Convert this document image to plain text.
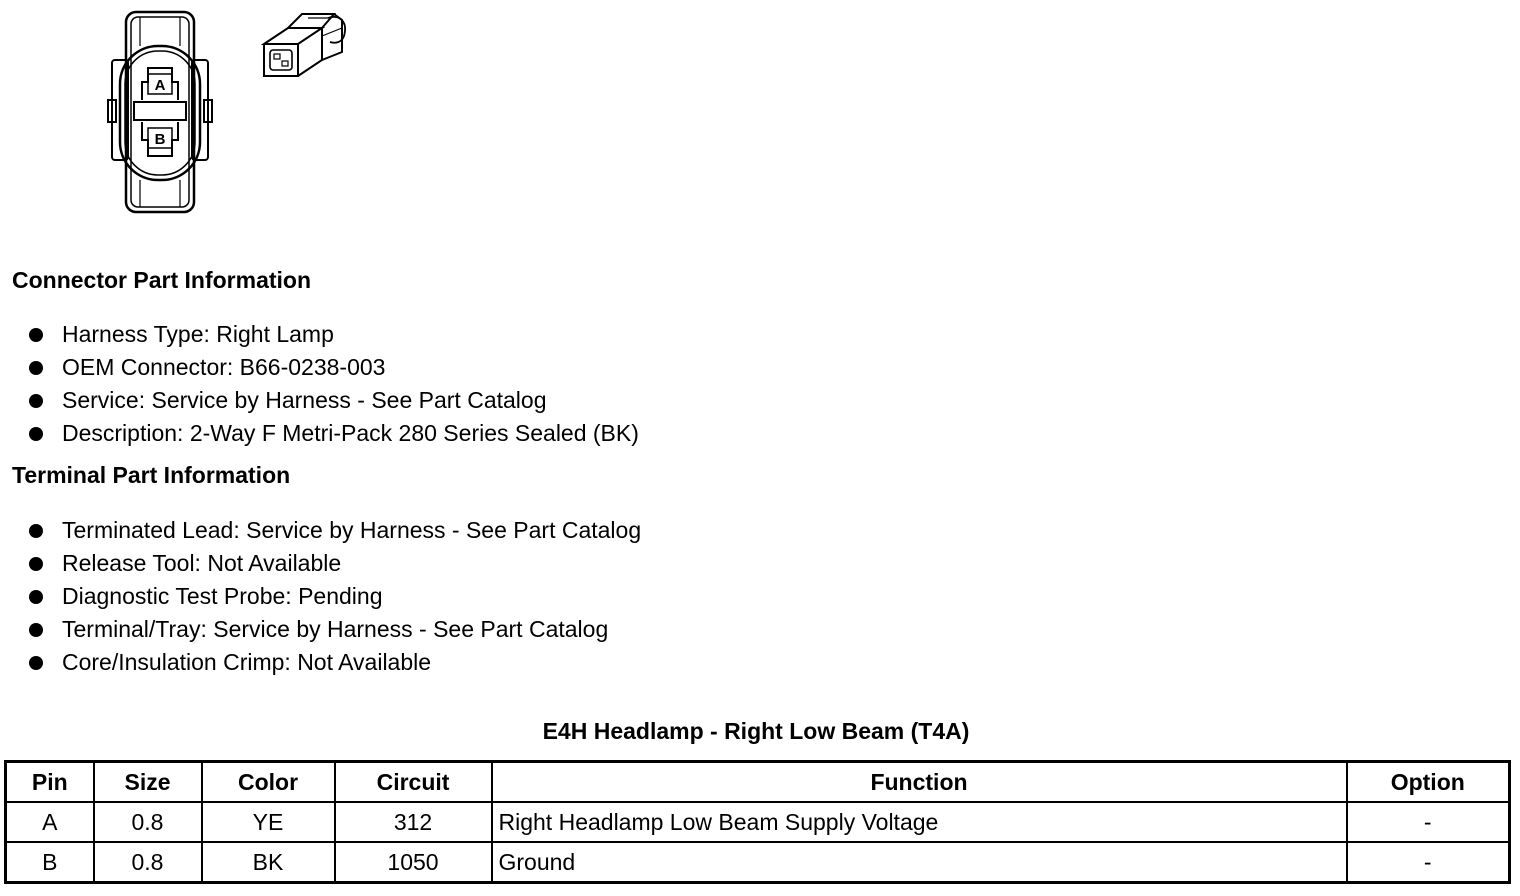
A
B
Connector Part Information
Harness Type: Right Lamp
OEM Connector: B66-0238-003
Service: Service by Harness - See Part Catalog
Description: 2-Way F Metri-Pack 280 Series Sealed (BK)
Terminal Part Information
Terminated Lead: Service by Harness - See Part Catalog
Release Tool: Not Available
Diagnostic Test Probe: Pending
Terminal/Tray: Service by Harness - See Part Catalog
Core/Insulation Crimp: Not Available
E4H Headlamp - Right Low Beam (T4A)
Pin	Size	Color	Circuit	Function	Option
A	0.8	YE	312	Right Headlamp Low Beam Supply Voltage	-
B	0.8	BK	1050	Ground	-
